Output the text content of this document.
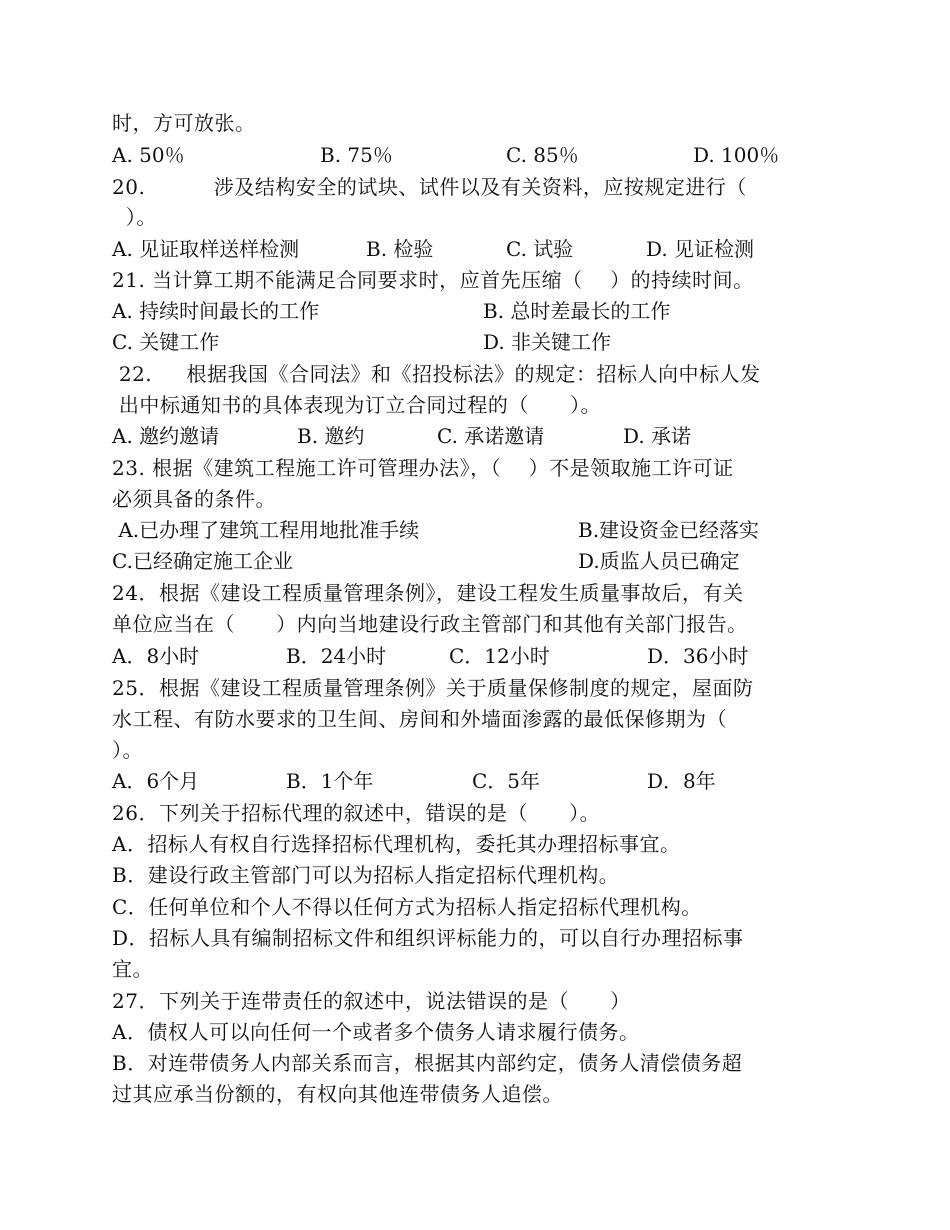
时，方可放张。
A. 50％	B. 75％	C. 85％	D. 100％
20.          涉及结构安全的试块、试件以及有关资料，应按规定进行（
）。
A. 见证取样送样检测	B. 检验	C. 试验	D. 见证检测
21. 当计算工期不能满足合同要求时，应首先压缩（    ）的持续时间。
A. 持续时间最长的工作	B. 总时差最长的工作
C. 关键工作	D. 非关键工作
22.     根据我国《合同法》和《招投标法》的规定：招标人向中标人发
出中标通知书的具体表现为订立合同过程的（      ）。
A. 邀约邀请	B. 邀约	C. 承诺邀请	D. 承诺
23. 根据《建筑工程施工许可管理办法》，（    ）不是领取施工许可证
必须具备的条件。
A.已办理了建筑工程用地批准手续	B.建设资金已经落实
C.已经确定施工企业	D.质监人员已确定
24．根据《建设工程质量管理条例》，建设工程发生质量事故后，有关
单位应当在（      ）内向当地建设行政主管部门和其他有关部门报告。
A．8小时	B．24小时	C．12小时	D．36小时
25．根据《建设工程质量管理条例》关于质量保修制度的规定，屋面防
水工程、有防水要求的卫生间、房间和外墙面渗露的最低保修期为（
）。
A．6个月	B．1个年	C．5年	D．8年
26．下列关于招标代理的叙述中，错误的是（      ）。
A．招标人有权自行选择招标代理机构，委托其办理招标事宜。
B．建设行政主管部门可以为招标人指定招标代理机构。
C．任何单位和个人不得以任何方式为招标人指定招标代理机构。
D．招标人具有编制招标文件和组织评标能力的，可以自行办理招标事
宜。
27．下列关于连带责任的叙述中，说法错误的是（      ）
A．债权人可以向任何一个或者多个债务人请求履行债务。
B．对连带债务人内部关系而言，根据其内部约定，债务人清偿债务超
过其应承当份额的，有权向其他连带债务人追偿。
